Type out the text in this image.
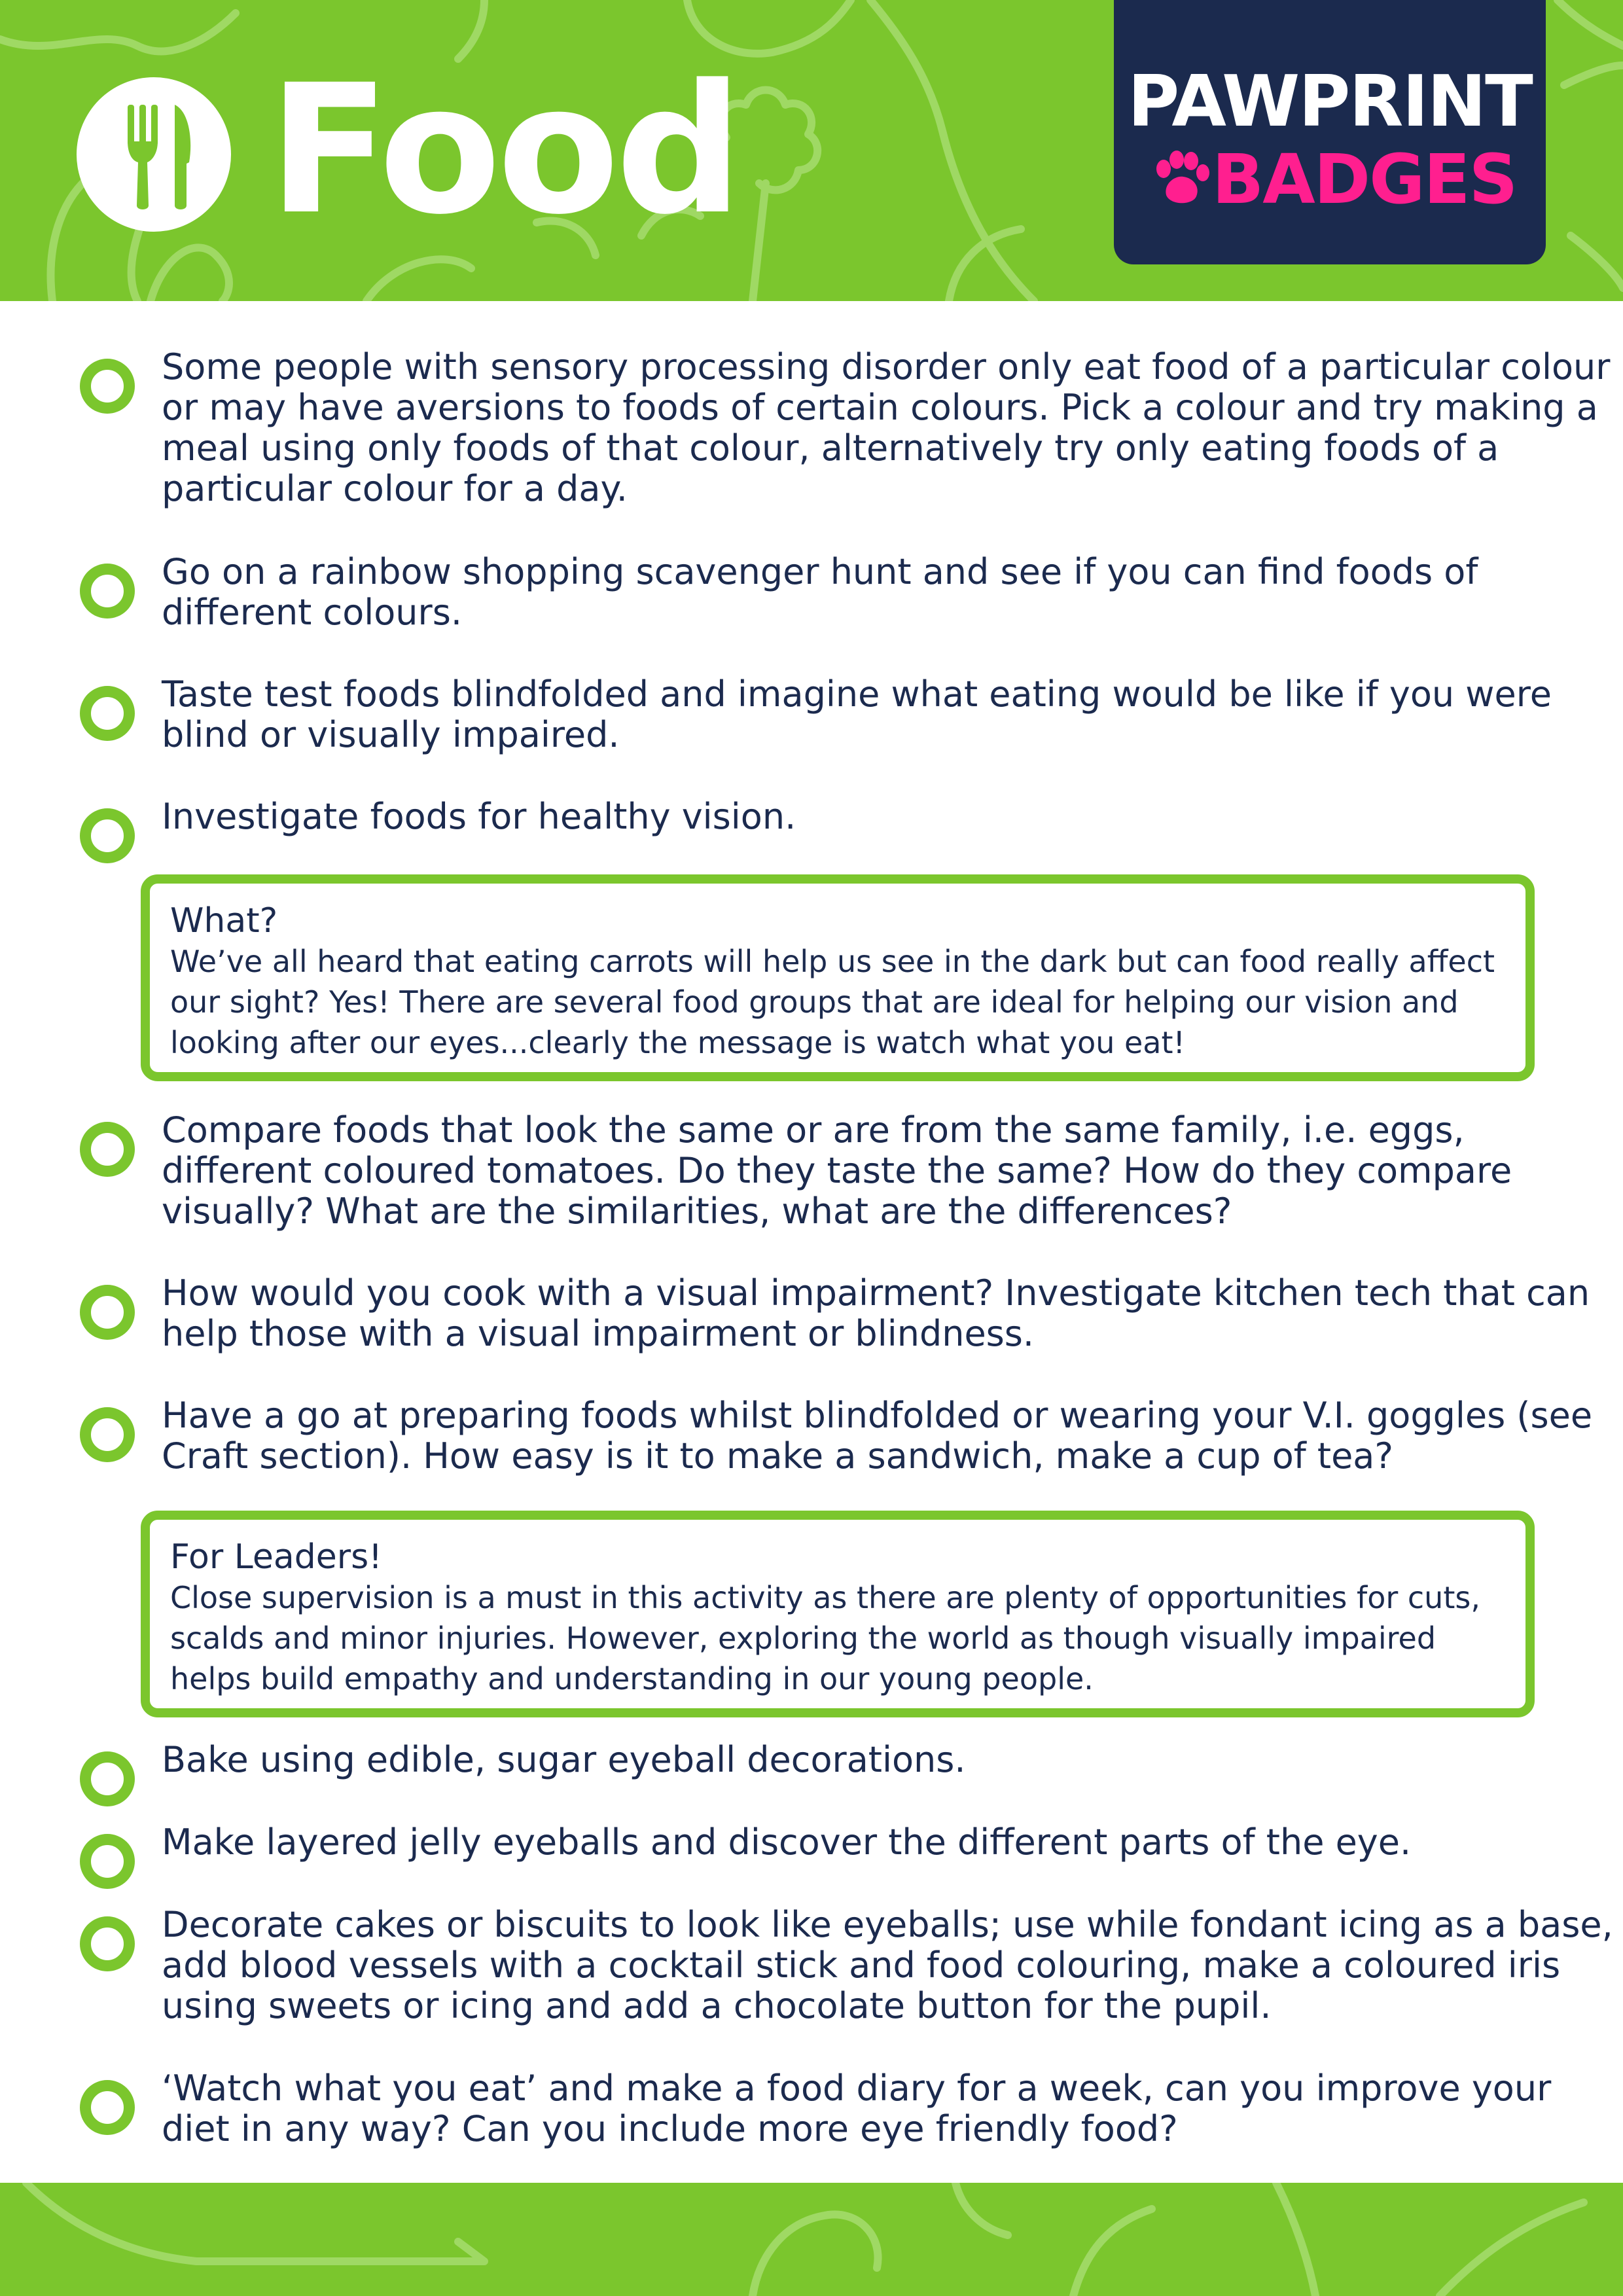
Food	PAWPRINT
BADGES

Some people with sensory processing disorder only eat food of a particular colour or may have aversions to foods of certain colours. Pick a colour and try making a meal using only foods of that colour, alternatively try only eating foods of a particular colour for a day.

Go on a rainbow shopping scavenger hunt and see if you can find foods of different colours.

Taste test foods blindfolded and imagine what eating would be like if you were blind or visually impaired.

Investigate foods for healthy vision.

What?

We’ve all heard that eating carrots will help us see in the dark but can food really affect our sight? Yes! There are several food groups that are ideal for helping our vision and looking after our eyes...clearly the message is watch what you eat!

Compare foods that look the same or are from the same family, i.e. eggs, different coloured tomatoes. Do they taste the same? How do they compare visually? What are the similarities, what are the differences?

How would you cook with a visual impairment? Investigate kitchen tech that can help those with a visual impairment or blindness.

Have a go at preparing foods whilst blindfolded or wearing your V.I. goggles (see Craft section). How easy is it to make a sandwich, make a cup of tea?

For Leaders!

Close supervision is a must in this activity as there are plenty of opportunities for cuts, scalds and minor injuries. However, exploring the world as though visually impaired helps build empathy and understanding in our young people.

Bake using edible, sugar eyeball decorations.

Make layered jelly eyeballs and discover the different parts of the eye.

Decorate cakes or biscuits to look like eyeballs; use while fondant icing as a base, add blood vessels with a cocktail stick and food colouring, make a coloured iris using sweets or icing and add a chocolate button for the pupil.

‘Watch what you eat’ and make a food diary for a week, can you improve your diet in any way? Can you include more eye friendly food?
